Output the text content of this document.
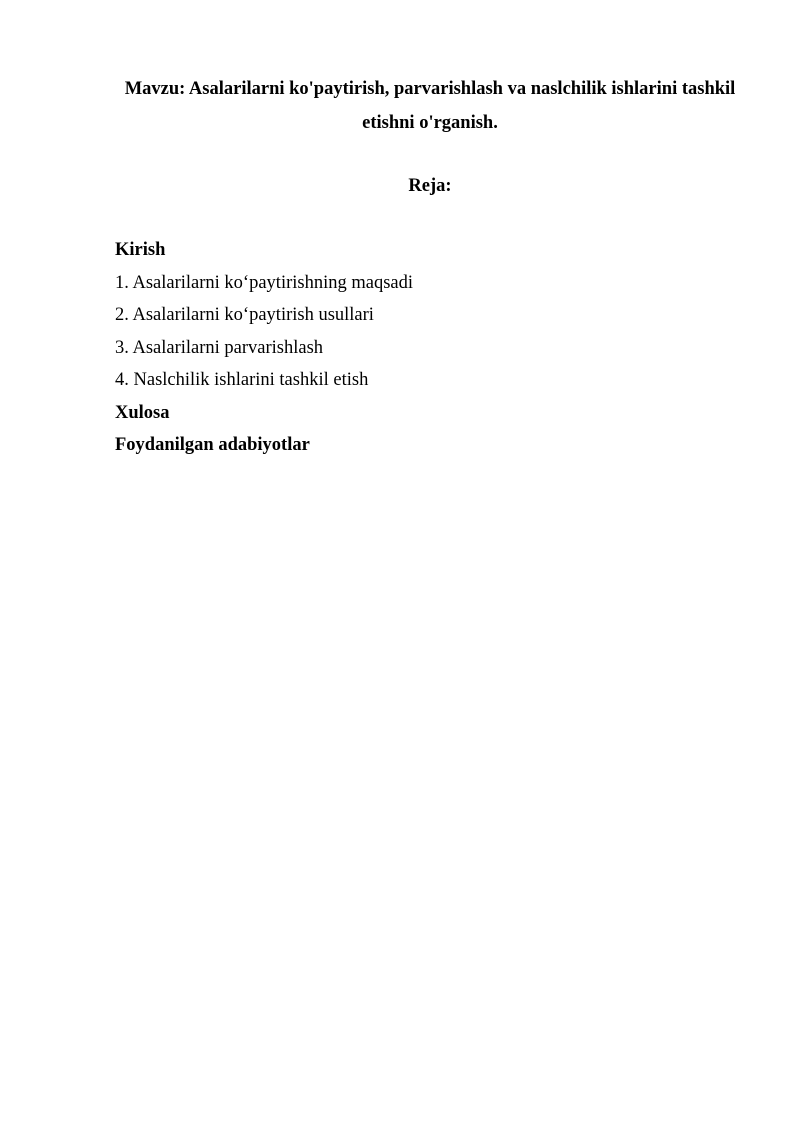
Mavzu: Asalarilarni ko'paytirish, parvarishlash va naslchilik ishlarini tashkil
etishni o'rganish.
Reja:
Kirish
1. Asalarilarni ko‘paytirishning maqsadi
2. Asalarilarni ko‘paytirish usullari
3. Asalarilarni parvarishlash
4. Naslchilik ishlarini tashkil etish
Xulosa
Foydanilgan adabiyotlar
